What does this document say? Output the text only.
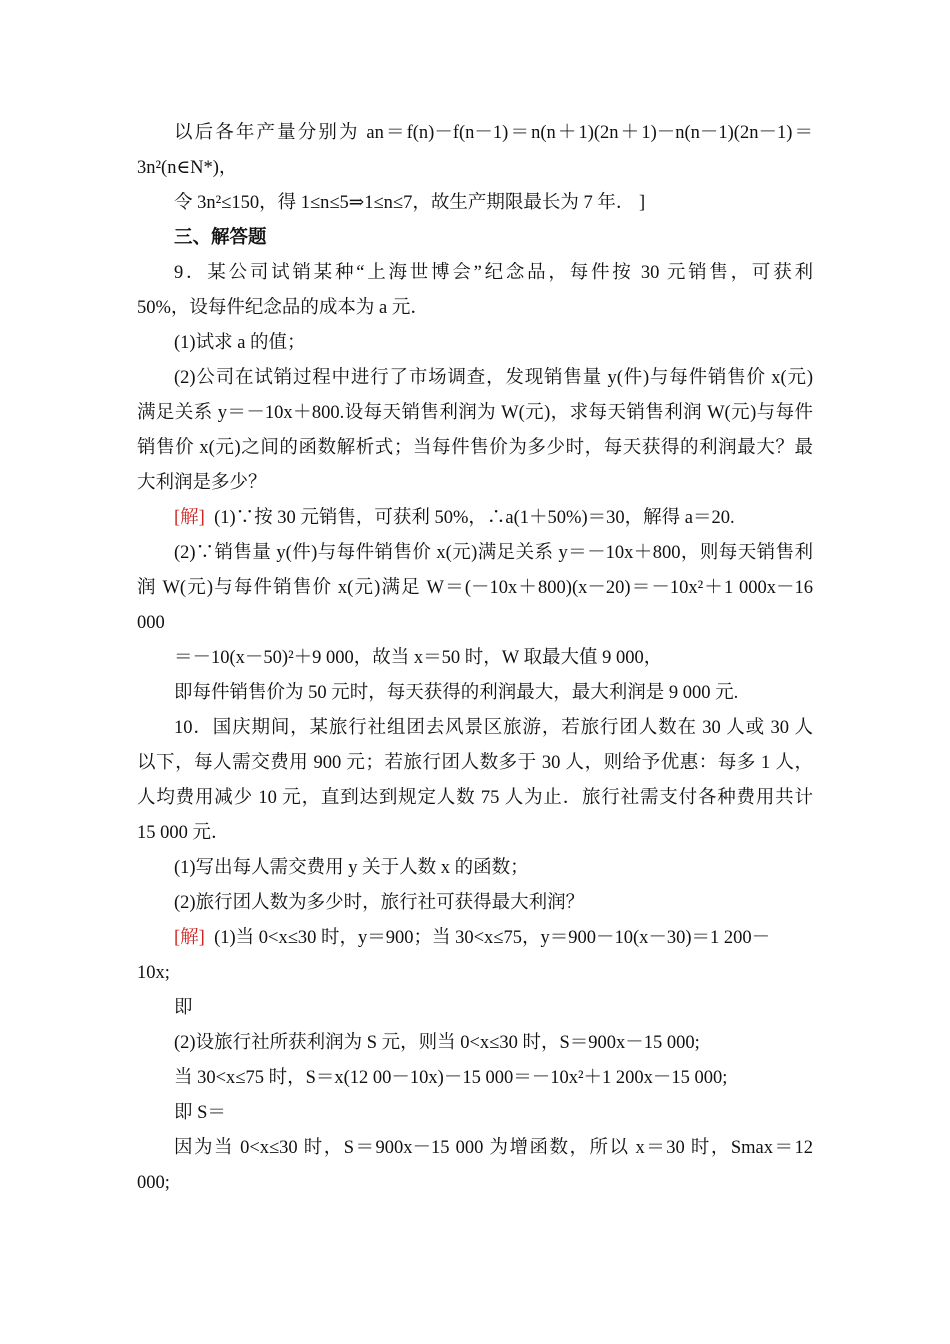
以后各年产量分别为 an＝f(n)－f(n－1)＝n(n＋1)(2n＋1)－n(n－1)(2n－1)＝
3n²(n∈N*)，
令 3n²≤150，得 1≤n≤5⇒1≤n≤7，故生产期限最长为 7 年． ]
三、解答题
9．某公司试销某种“上海世博会”纪念品，每件按 30 元销售，可获利
50%，设每件纪念品的成本为 a 元．
(1)试求 a 的值；
(2)公司在试销过程中进行了市场调查，发现销售量 y(件)与每件销售价 x(元)
满足关系 y＝－10x＋800.设每天销售利润为 W(元)，求每天销售利润 W(元)与每件
销售价 x(元)之间的函数解析式；当每件售价为多少时，每天获得的利润最大？最
大利润是多少？
[解] (1)∵按 30 元销售，可获利 50%，∴a(1＋50%)＝30，解得 a＝20.
(2)∵销售量 y(件)与每件销售价 x(元)满足关系 y＝－10x＋800，则每天销售利
润 W(元)与每件销售价 x(元)满足 W＝(－10x＋800)(x－20)＝－10x²＋1 000x－16
000
＝－10(x－50)²＋9 000，故当 x＝50 时，W 取最大值 9 000，
即每件销售价为 50 元时，每天获得的利润最大，最大利润是 9 000 元.
10．国庆期间，某旅行社组团去风景区旅游，若旅行团人数在 30 人或 30 人
以下，每人需交费用 900 元；若旅行团人数多于 30 人，则给予优惠：每多 1 人，
人均费用减少 10 元，直到达到规定人数 75 人为止．旅行社需支付各种费用共计
15 000 元．
(1)写出每人需交费用 y 关于人数 x 的函数；
(2)旅行团人数为多少时，旅行社可获得最大利润？
[解] (1)当 0<x≤30 时，y＝900；当 30<x≤75，y＝900－10(x－30)＝1 200－
10x;
即
(2)设旅行社所获利润为 S 元，则当 0<x≤30 时，S＝900x－15 000;
当 30<x≤75 时，S＝x(12 00－10x)－15 000＝－10x²＋1 200x－15 000;
即 S＝
因为当 0<x≤30 时，S＝900x－15 000 为增函数，所以 x＝30 时，Smax＝12
000;
